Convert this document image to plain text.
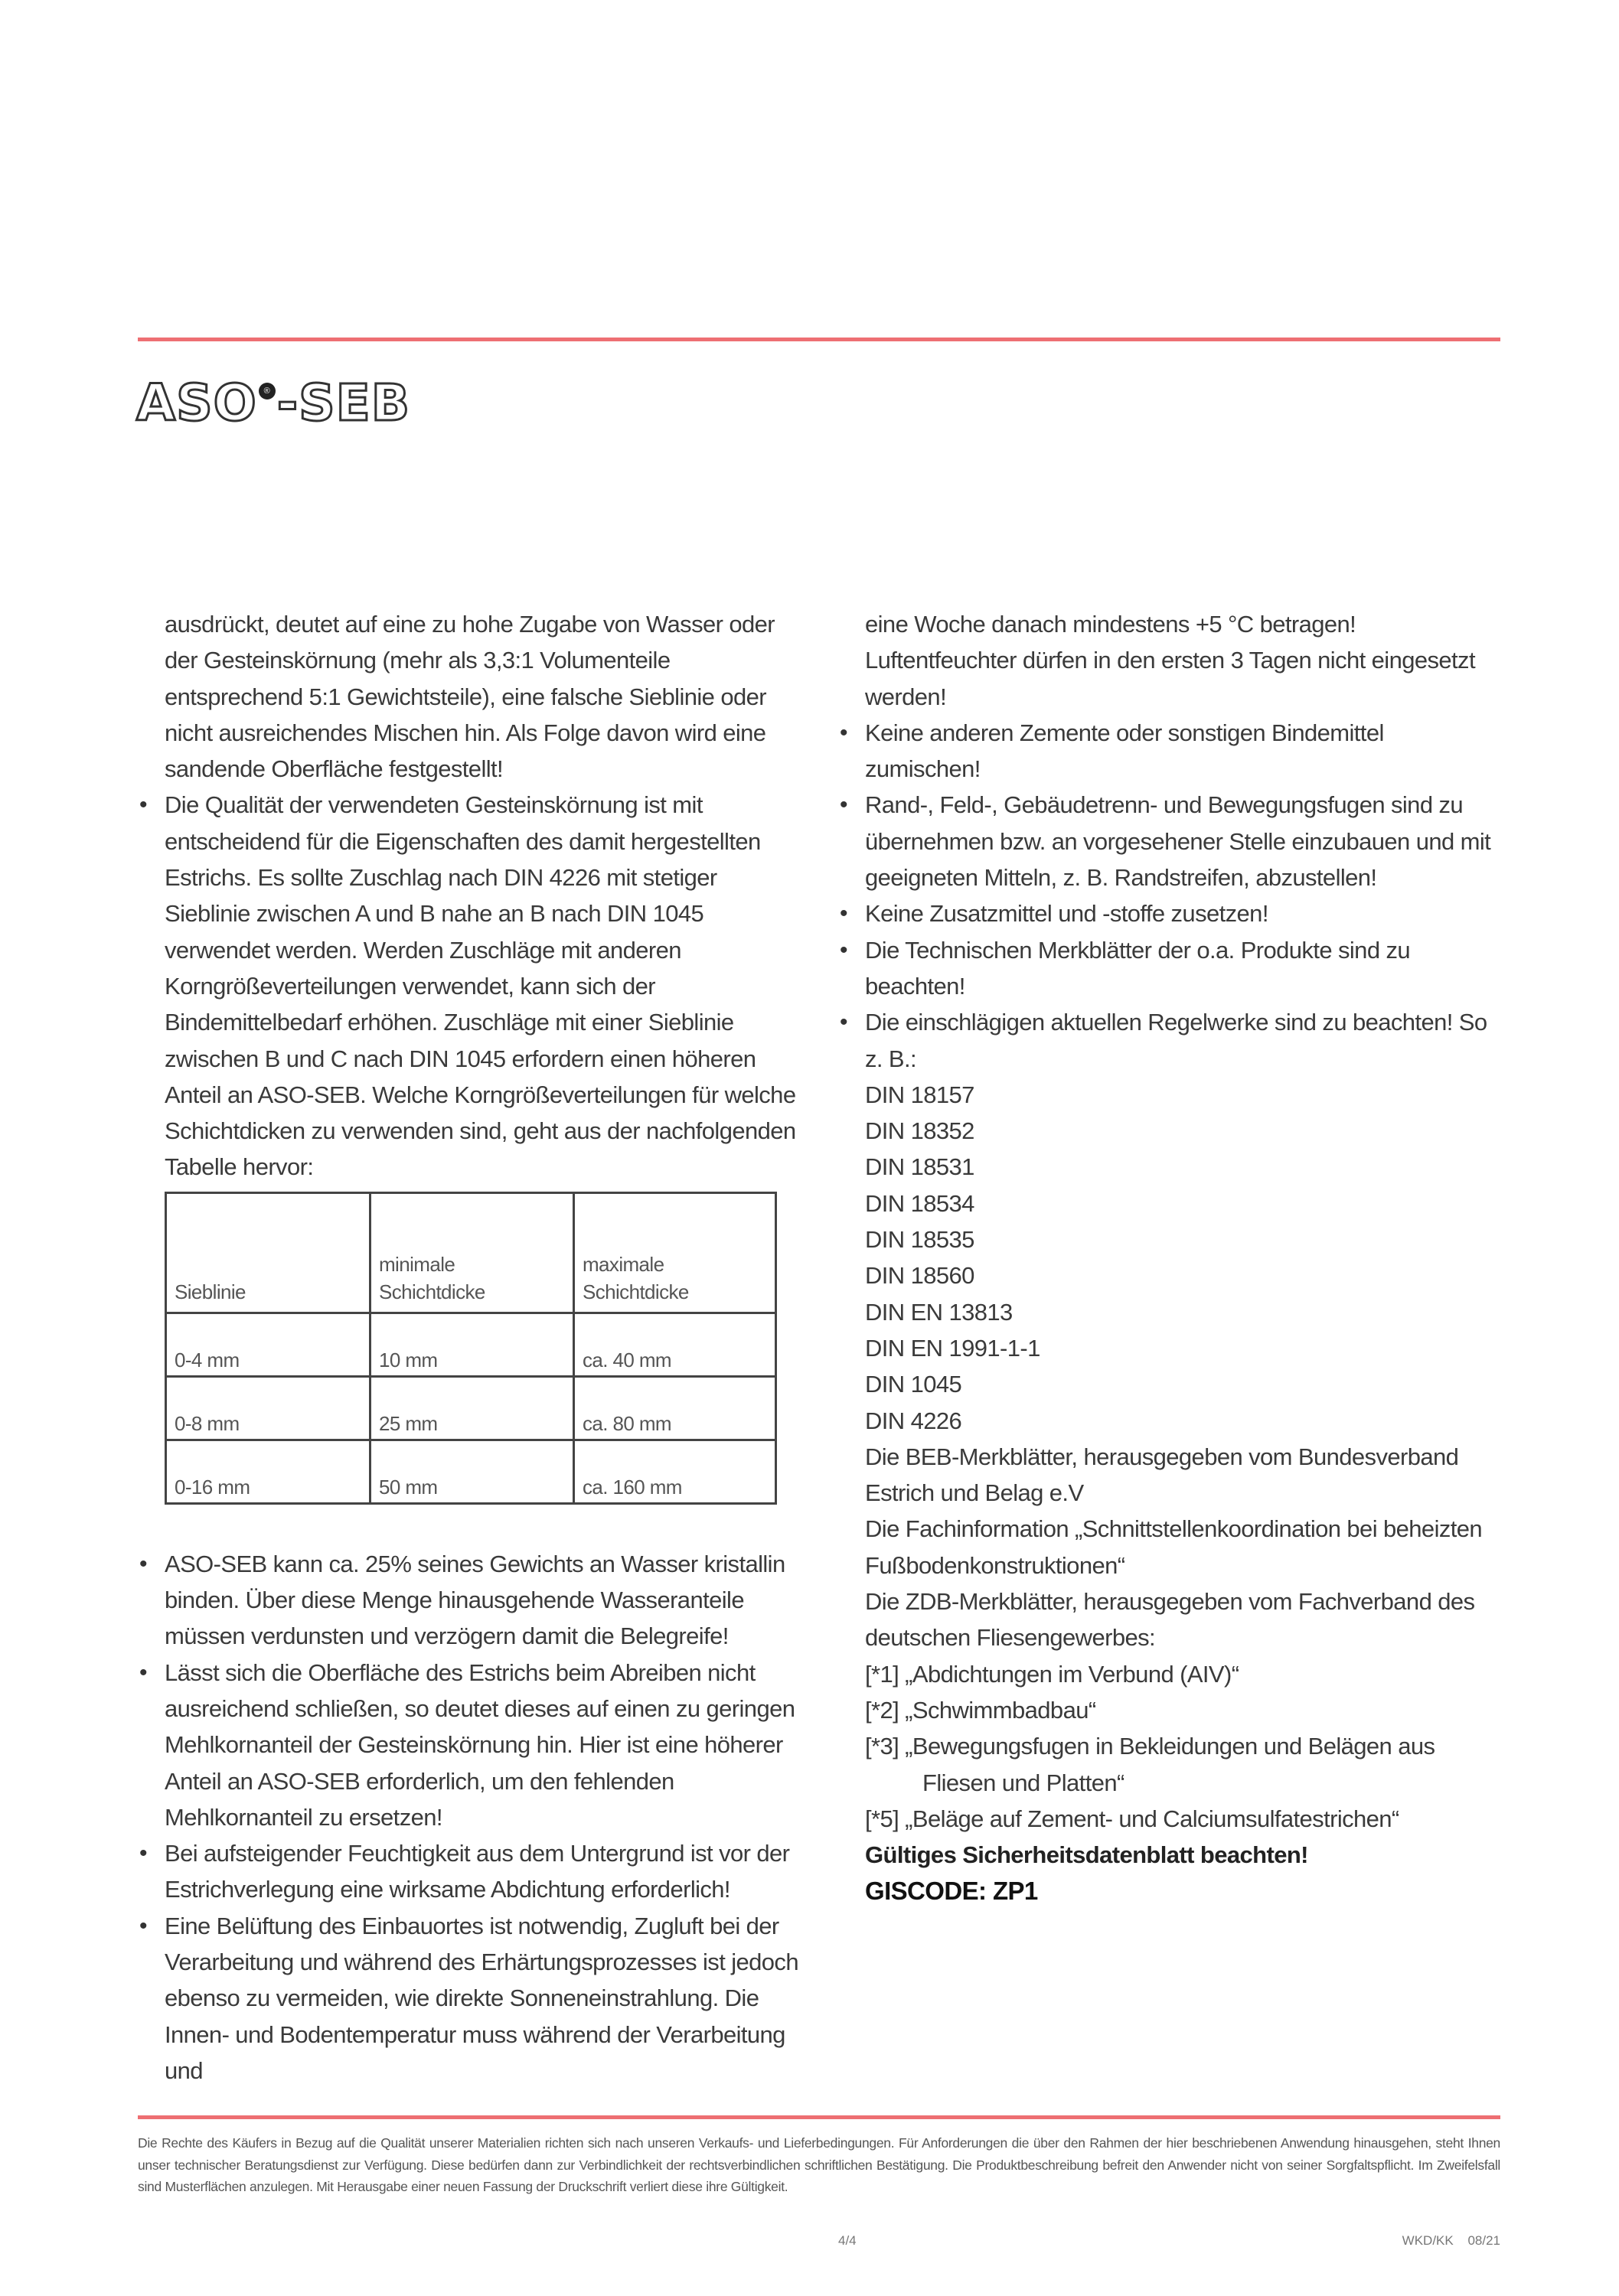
ASO ® -SEB

ausdrückt, deutet auf eine zu hohe Zugabe von Wasser oder der Gesteinskörnung (mehr als 3,3:1 Volumenteile entsprechend 5:1 Gewichtsteile), eine falsche Sieblinie oder nicht ausreichendes Mischen hin. Als Folge davon wird eine sandende Oberfläche festgestellt!

• Die Qualität der verwendeten Gesteinskörnung ist mit entscheidend für die Eigenschaften des damit hergestellten Estrichs. Es sollte Zuschlag nach DIN 4226 mit stetiger Sieblinie zwischen A und B nahe an B nach DIN 1045 verwendet werden. Werden Zuschläge mit anderen Korngrößeverteilungen verwendet, kann sich der Bindemittelbedarf erhöhen. Zuschläge mit einer Sieblinie zwischen B und C nach DIN 1045 erfordern einen höheren Anteil an ASO-SEB. Welche Korngrößeverteilungen für welche Schichtdicken zu verwenden sind, geht aus der nachfolgenden Tabelle hervor:

Sieblinie	minimale Schichtdicke	maximale Schichtdicke
0-4 mm	10 mm	ca. 40 mm
0-8 mm	25 mm	ca. 80 mm
0-16 mm	50 mm	ca. 160 mm

• ASO-SEB kann ca. 25% seines Gewichts an Wasser kristallin binden. Über diese Menge hinausgehende Wasseranteile müssen verdunsten und verzögern damit die Belegreife!

• Lässt sich die Oberfläche des Estrichs beim Abreiben nicht ausreichend schließen, so deutet dieses auf einen zu geringen Mehlkornanteil der Gesteinskörnung hin. Hier ist eine höherer Anteil an ASO-SEB erforderlich, um den fehlenden Mehlkornanteil zu ersetzen!

• Bei aufsteigender Feuchtigkeit aus dem Untergrund ist vor der Estrichverlegung eine wirksame Abdichtung erforderlich!

• Eine Belüftung des Einbauortes ist notwendig, Zugluft bei der Verarbeitung und während des Erhärtungsprozesses ist jedoch ebenso zu vermeiden, wie direkte Sonneneinstrahlung. Die Innen- und Bodentemperatur muss während der Verarbeitung und

eine Woche danach mindestens +5 °C betragen! Luftentfeuchter dürfen in den ersten 3 Tagen nicht eingesetzt werden!

• Keine anderen Zemente oder sonstigen Bindemittel zumischen!

• Rand-, Feld-, Gebäudetrenn- und Bewegungsfugen sind zu übernehmen bzw. an vorgesehener Stelle einzubauen und mit geeigneten Mitteln, z. B. Randstreifen, abzustellen!

• Keine Zusatzmittel und -stoffe zusetzen!

• Die Technischen Merkblätter der o.a. Produkte sind zu beachten!

• Die einschlägigen aktuellen Regelwerke sind zu beachten! So z. B.:

DIN 18157

DIN 18352

DIN 18531

DIN 18534

DIN 18535

DIN 18560

DIN EN 13813

DIN EN 1991-1-1

DIN 1045

DIN 4226

Die BEB-Merkblätter, herausgegeben vom Bundesverband Estrich und Belag e.V

Die Fachinformation „Schnittstellenkoordination bei beheizten Fußbodenkonstruktionen“

Die ZDB-Merkblätter, herausgegeben vom Fachverband des deutschen Fliesengewerbes:

[*1] „Abdichtungen im Verbund (AIV)“

[*2] „Schwimmbadbau“

[*3] „Bewegungsfugen in Bekleidungen und Belägen aus Fliesen und Platten“

[*5] „Beläge auf Zement- und Calciumsulfatestrichen“

Gültiges Sicherheitsdatenblatt beachten!

GISCODE: ZP1

Die Rechte des Käufers in Bezug auf die Qualität unserer Materialien richten sich nach unseren Verkaufs- und Lieferbedingungen. Für Anforderungen die über den Rahmen der hier beschriebenen Anwendung hinausgehen, steht Ihnen unser technischer Beratungsdienst zur Verfügung. Diese bedürfen dann zur Verbindlichkeit der rechtsverbindlichen schriftlichen Bestätigung. Die Produktbeschreibung befreit den Anwender nicht von seiner Sorgfaltspflicht. Im Zweifelsfall sind Musterflächen anzulegen. Mit Herausgabe einer neuen Fassung der Druckschrift verliert diese ihre Gültigkeit.
4/4	WKD/KK 08/21
